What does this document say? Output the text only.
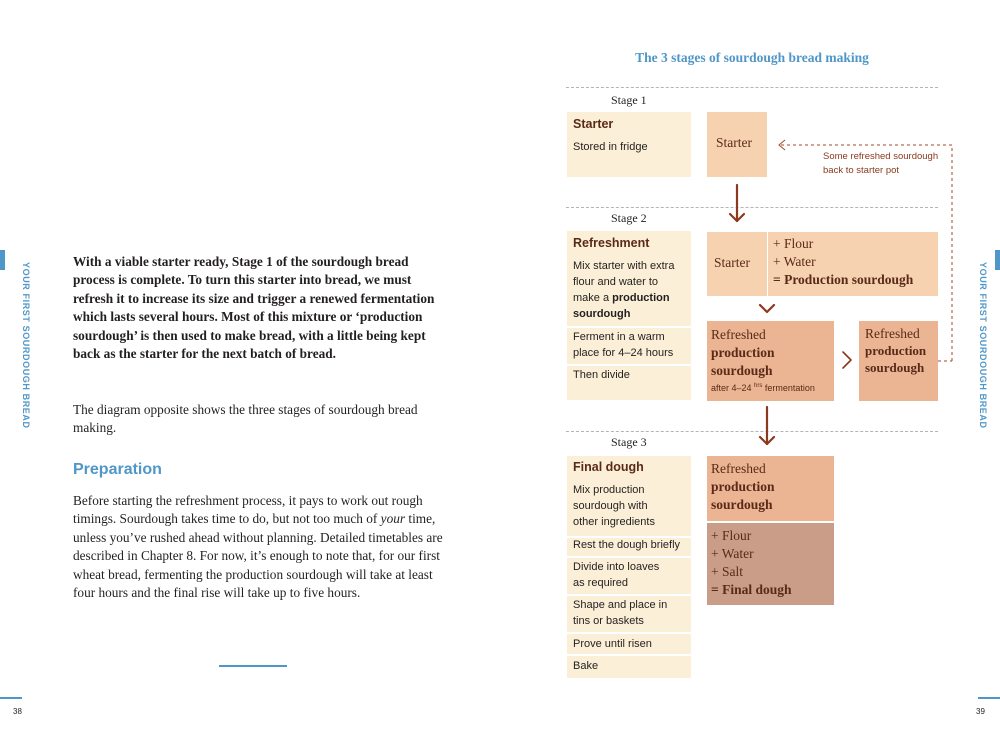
YOUR FIRST SOURDOUGH BREAD	YOUR FIRST SOURDOUGH BREAD
38	39

With a viable starter ready, Stage 1 of the sourdough bread process is complete. To turn this starter into bread, we must refresh it to increase its size and trigger a renewed fermentation which lasts several hours. Most of this mixture or ‘production sourdough’ is then used to make bread, with a little being kept back as the starter for the next batch of bread.

The diagram opposite shows the three stages of sourdough bread making.

Preparation

Before starting the refreshment process, it pays to work out rough timings. Sourdough takes time to do, but not too much of your time, unless you’ve rushed ahead without planning. Detailed timetables are described in Chapter 8. For now, it’s enough to note that, for our first wheat bread, fermenting the production sourdough will take at least four hours and the final rise will take up to five hours.

The 3 stages of sourdough bread making
Stage 1
Starter
Stored in fridge	Starter
Some refreshed sourdough
back to starter pot
Stage 2
Refreshment
Mix starter with extra
flour and water to
make a production
sourdough
Ferment in a warm
place for 4–24 hours
Then divide
Starter
+ Flour
+ Water
= Production sourdough
Refreshed
production
sourdough
after 4–24 $^{hrs}$ fermentation
Refreshed
production
sourdough
Stage 3
Final dough
Mix production
sourdough with
other ingredients
Rest the dough briefly
Divide into loaves
as required
Shape and place in
tins or baskets
Prove until risen
Bake
Refreshed
production
sourdough
+ Flour
+ Water
+ Salt
= Final dough
